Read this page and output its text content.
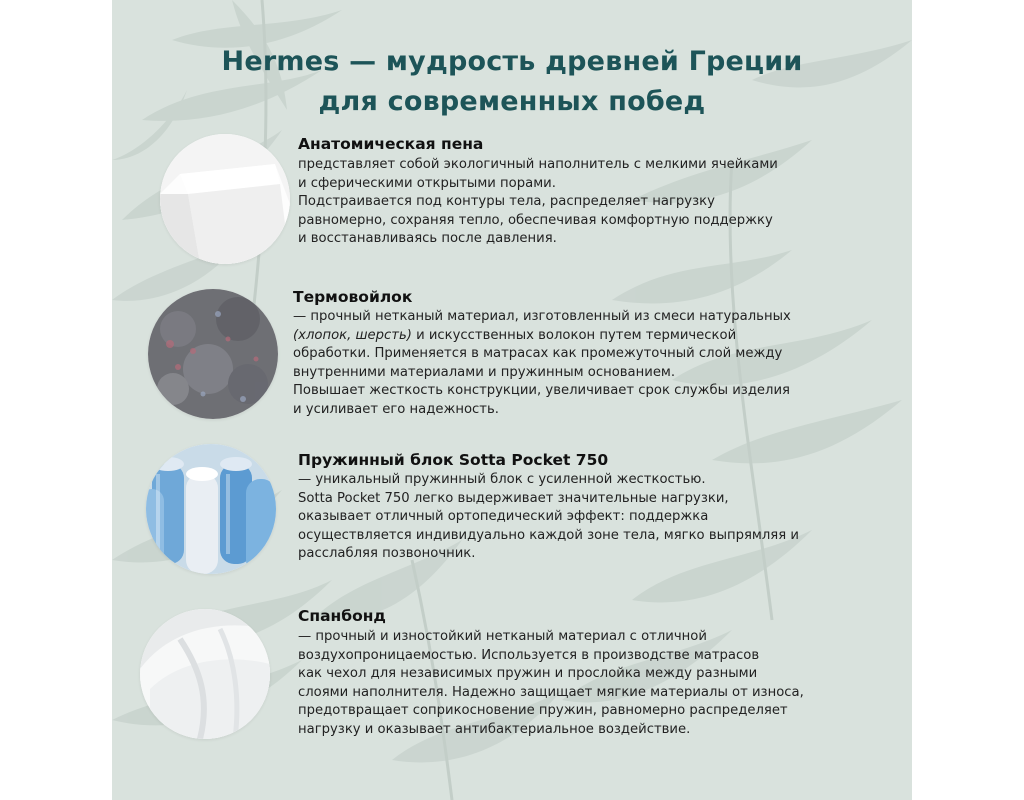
Hermes — мудрость древней Греции
для современных побед
Анатомическая пена
представляет собой экологичный наполнитель с мелкими ячейками
и сферическими открытыми порами.
Подстраивается под контуры тела, распределяет нагрузку
равномерно, сохраняя тепло, обеспечивая комфортную поддержку
и восстанавливаясь после давления.
Термовойлок
— прочный нетканый материал, изготовленный из смеси натуральных
(хлопок, шерсть) и искусственных волокон путем термической
обработки. Применяется в матрасах как промежуточный слой между
внутренними материалами и пружинным основанием.
Повышает жесткость конструкции, увеличивает срок службы изделия
и усиливает его надежность.
Пружинный блок Sotta Pocket 750
— уникальный пружинный блок с усиленной жесткостью.
Sotta Pocket 750 легко выдерживает значительные нагрузки,
оказывает отличный ортопедический эффект: поддержка
осуществляется индивидуально каждой зоне тела, мягко выпрямляя и
расслабляя позвоночник.
Спанбонд
— прочный и изностойкий нетканый материал с отличной
воздухопроницаемостью. Используется в производстве матрасов
как чехол для независимых пружин и прослойка между разными
слоями наполнителя. Надежно защищает мягкие материалы от износа,
предотвращает соприкосновение пружин, равномерно распределяет
нагрузку и оказывает антибактериальное воздействие.
